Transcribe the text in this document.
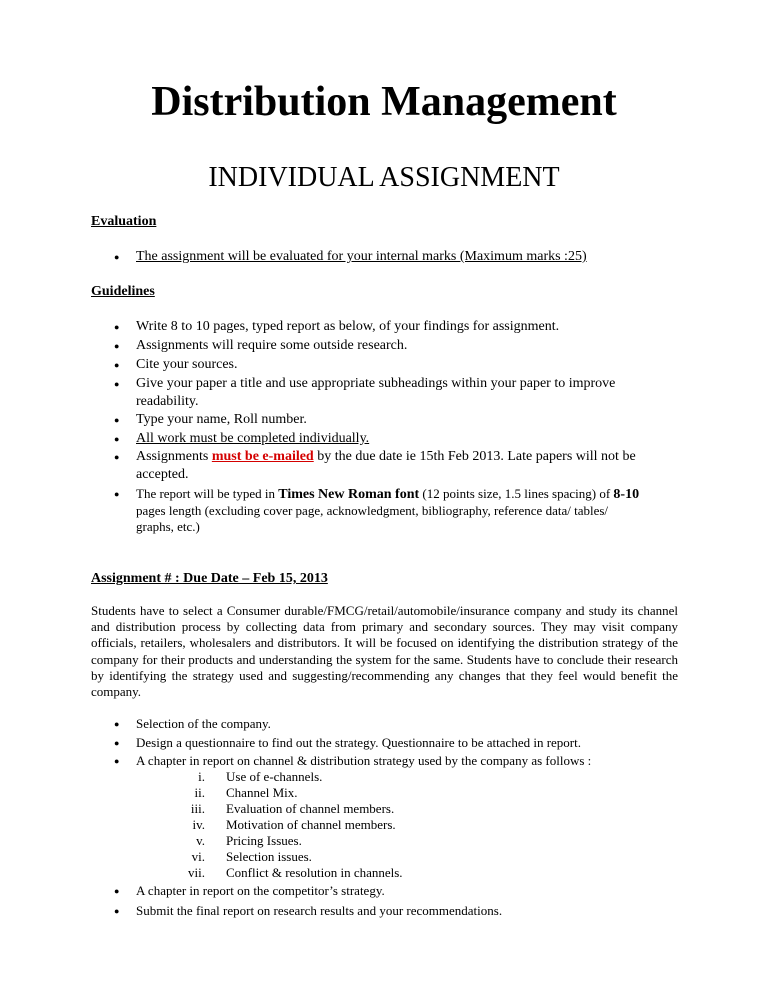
Distribution Management
INDIVIDUAL ASSIGNMENT
Evaluation
● The assignment will be evaluated for your internal marks (Maximum marks :25)
Guidelines
● Write 8 to 10 pages, typed report as below, of your findings for assignment.
● Assignments will require some outside research.
● Cite your sources.
● Give your paper a title and use appropriate subheadings within your paper to improve
readability.
● Type your name, Roll number.
● All work must be completed individually.
● Assignments must be e-mailed by the due date ie 15th Feb 2013. Late papers will not be
accepted.
● The report will be typed in Times New Roman font (12 points size, 1.5 lines spacing) of 8-10
pages length (excluding cover page, acknowledgment, bibliography, reference data/ tables/
graphs, etc.)
Assignment # : Due Date – Feb 15, 2013
Students have to select a Consumer durable/FMCG/retail/automobile/insurance company and study its channel and distribution process by collecting data from primary and secondary sources. They may visit company officials, retailers, wholesalers and distributors. It will be focused on identifying the distribution strategy of the company for their products and understanding the system for the same. Students have to conclude their research by identifying the strategy used and suggesting/recommending any changes that they feel would benefit the company.
● Selection of the company.
● Design a questionnaire to find out the strategy. Questionnaire to be attached in report.
● A chapter in report on channel & distribution strategy used by the company as follows :
i. Use of e-channels.
ii. Channel Mix.
iii. Evaluation of channel members.
iv. Motivation of channel members.
v. Pricing Issues.
vi. Selection issues.
vii. Conflict & resolution in channels.
● A chapter in report on the competitor’s strategy.
● Submit the final report on research results and your recommendations.
